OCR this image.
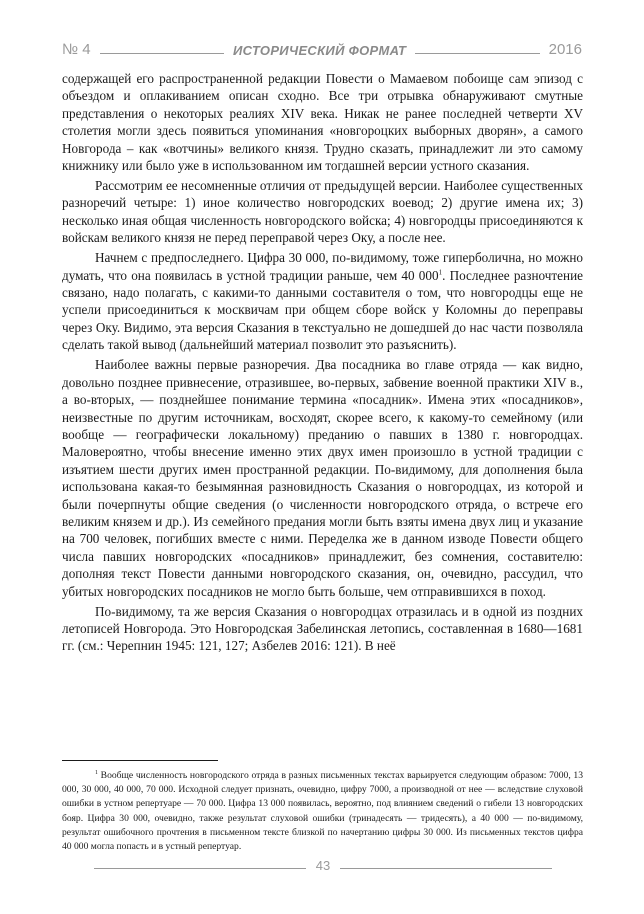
№ 4	ИСТОРИЧЕСКИЙ ФОРМАТ	2016

содержащей его распространенной редакции Повести о Мамаевом побоище сам эпизод с объездом и оплакиванием описан сходно. Все три отрывка обнаруживают смутные представления о некоторых реалиях XIV века. Никак не ранее последней четверти XV столетия могли здесь появиться упоминания «новгороцких выборных дворян», а самого Новгорода – как «вотчины» великого князя. Трудно сказать, принадлежит ли это самому книжнику или было уже в использованном им тогдашней версии устного сказания.

Рассмотрим ее несомненные отличия от предыдущей версии. Наиболее существенных разноречий четыре: 1) иное количество новгородских воевод; 2) другие имена их; 3) несколько иная общая численность новгородского войска; 4) новгородцы присоединяются к войскам великого князя не перед переправой через Оку, а после нее.

Начнем с предпоследнего. Цифра 30 000, по-видимому, тоже гиперболична, но можно думать, что она появилась в устной традиции раньше, чем 40 $000^1$. Последнее разночтение связано, надо полагать, с какими-то данными составителя о том, что новгородцы еще не успели присоединиться к москвичам при общем сборе войск у Коломны до переправы через Оку. Видимо, эта версия Сказания в текстуально не дошедшей до нас части позволяла сделать такой вывод (дальнейший материал позволит это разъяснить).

Наиболее важны первые разноречия. Два посадника во главе отряда — как видно, довольно позднее привнесение, отразившее, во-первых, забвение военной практики XIV в., а во-вторых, — позднейшее понимание термина «посадник». Имена этих «посадников», неизвестные по другим источникам, восходят, скорее всего, к какому-то семейному (или вообще — географически локальному) преданию о павших в 1380 г. новгородцах. Маловероятно, чтобы внесение именно этих двух имен произошло в устной традиции с изъятием шести других имен пространной редакции. По-видимому, для дополнения была использована какая-то безымянная разновидность Сказания о новгородцах, из которой и были почерпнуты общие сведения (о численности новгородского отряда, о встрече его великим князем и др.). Из семейного предания могли быть взяты имена двух лиц и указание на 700 человек, погибших вместе с ними. Переделка же в данном изводе Повести общего числа павших новгородских «посадников» принадлежит, без сомнения, составителю: дополняя текст Повести данными новгородского сказания, он, очевидно, рассудил, что убитых новгородских посадников не могло быть больше, чем отправившихся в поход.

По-видимому, та же версия Сказания о новгородцах отразилась и в одной из поздних летописей Новгорода. Это Новгородская Забелинская летопись, составленная в 1680—1681 гг. (см.: Черепнин 1945: 121, 127; Азбелев 2016: 121). В неё

$^1$ Вообще численность новгородского отряда в разных письменных текстах варьируется следующим образом: 7000, 13 000, 30 000, 40 000, 70 000. Исходной следует признать, очевидно, цифру 7000, а производной от нее — вследствие слуховой ошибки в устном репертуаре — 70 000. Цифра 13 000 появилась, вероятно, под влиянием сведений о гибели 13 новгородских бояр. Цифра 30 000, очевидно, также результат слуховой ошибки (тринадесять — тридесять), а 40 000 — по-видимому, результат ошибочного прочтения в письменном тексте близкой по начертанию цифры 30 000. Из письменных текстов цифра 40 000 могла попасть и в устный репертуар.
43
